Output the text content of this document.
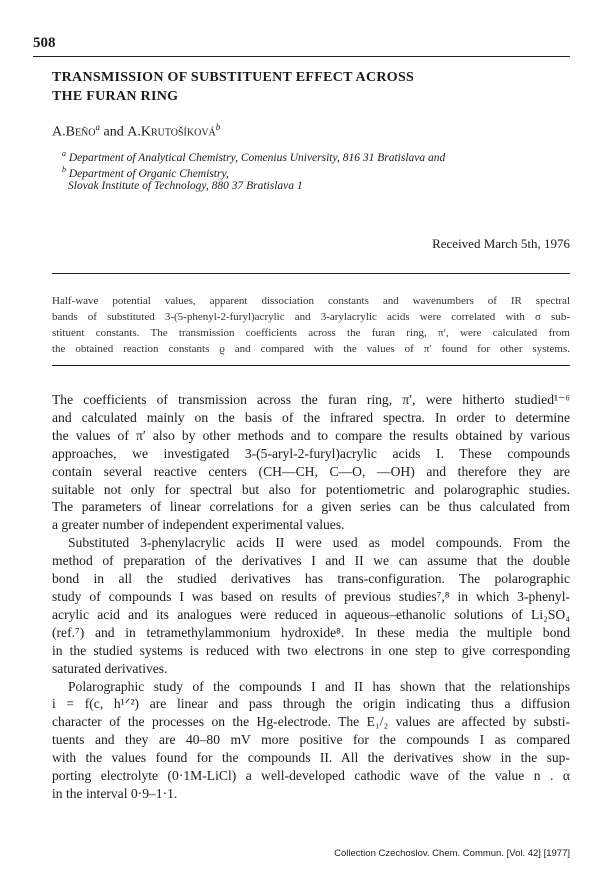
508
TRANSMISSION OF SUBSTITUENT EFFECT ACROSS
THE FURAN RING
A.Beňo$^a$ and A.Krutošíková$^b$
$^a$ Department of Analytical Chemistry, Comenius University, 816 31 Bratislava and
$^b$ Department of Organic Chemistry,
Slovak Institute of Technology, 880 37 Bratislava 1
Received March 5th, 1976
Half-wave potential values, apparent dissociation constants and wavenumbers of IR spectral
bands of substituted 3-(5-phenyl-2-furyl)acrylic and 3-arylacrylic acids were correlated with σ sub-
stituent constants. The transmission coefficients across the furan ring, π′, were calculated from
the obtained reaction constants ϱ and compared with the values of π′ found for other systems.
The coefficients of transmission across the furan ring, π′, were hitherto studied¹⁻⁶
and calculated mainly on the basis of the infrared spectra. In order to determine
the values of π′ also by other methods and to compare the results obtained by various
approaches, we investigated 3-(5-aryl-2-furyl)acrylic acids I. These compounds
contain several reactive centers (CH—CH, C—O, —OH) and therefore they are
suitable not only for spectral but also for potentiometric and polarographic studies.
The parameters of linear correlations for a given series can be thus calculated from
a greater number of independent experimental values.
Substituted 3-phenylacrylic acids II were used as model compounds. From the
method of preparation of the derivatives I and II we can assume that the double
bond in all the studied derivatives has trans-configuration. The polarographic
study of compounds I was based on results of previous studies⁷,⁸ in which 3-phenyl-
acrylic acid and its analogues were reduced in aqueous–ethanolic solutions of Li₂SO₄
(ref.⁷) and in tetramethylammonium hydroxide⁸. In these media the multiple bond
in the studied systems is reduced with two electrons in one step to give corresponding
saturated derivatives.
Polarographic study of the compounds I and II has shown that the relationships
i = f(c, h¹ᐟ²) are linear and pass through the origin indicating thus a diffusion
character of the processes on the Hg-electrode. The E₁/₂ values are affected by substi-
tuents and they are 40–80 mV more positive for the compounds I as compared
with the values found for the compounds II. All the derivatives show in the sup-
porting electrolyte (0·1M-LiCl) a well-developed cathodic wave of the value n . α
in the interval 0·9–1·1.
Collection Czechoslov. Chem. Commun. [Vol. 42] [1977]
